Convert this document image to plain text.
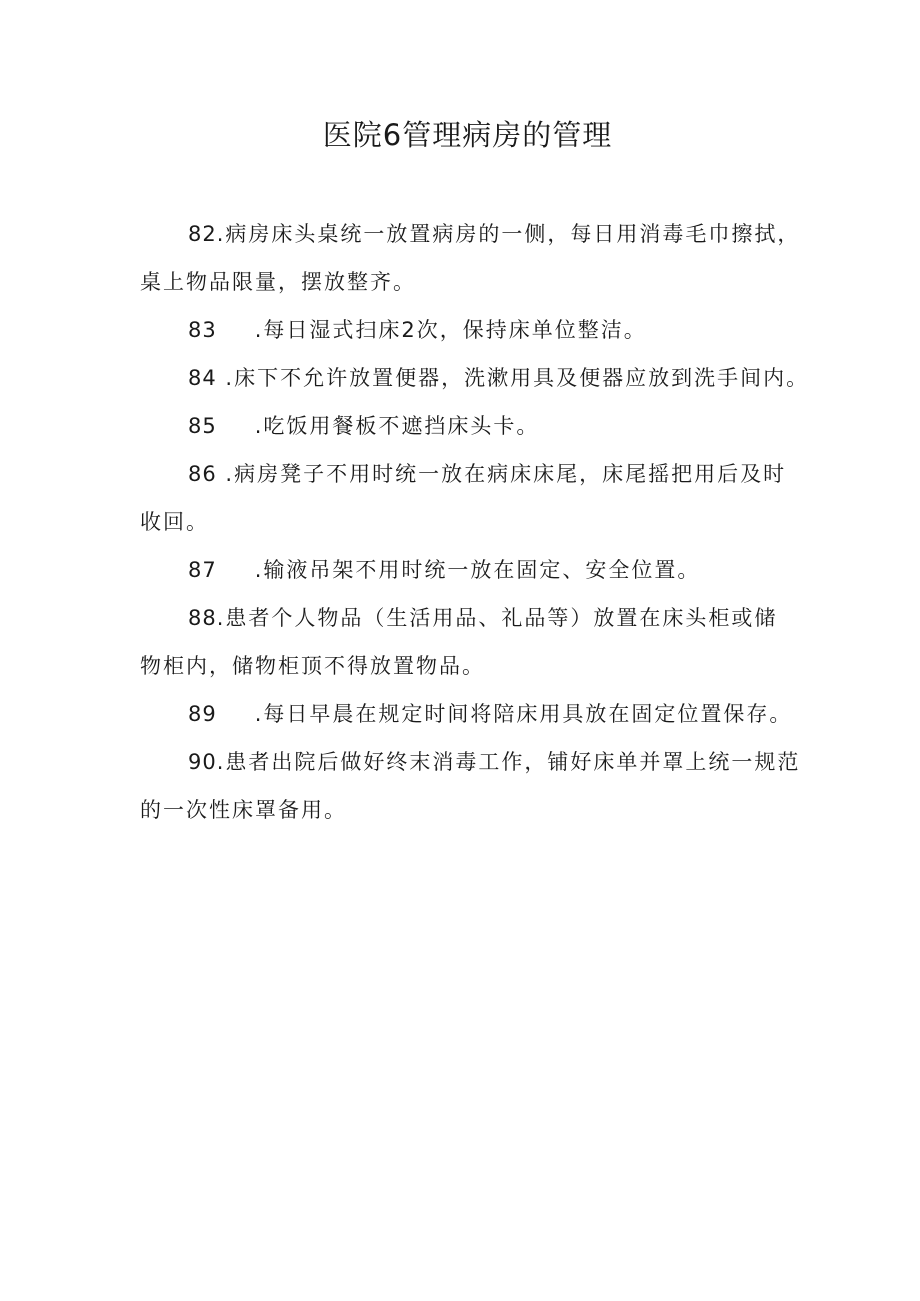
医院6管理病房的管理

82.病房床头桌统一放置病房的一侧，每日用消毒毛巾擦拭，
桌上物品限量，摆放整齐。

83 .每日湿式扫床2次，保持床单位整洁。

84 .床下不允许放置便器，洗漱用具及便器应放到洗手间内。

85 .吃饭用餐板不遮挡床头卡。

86 .病房凳子不用时统一放在病床床尾，床尾摇把用后及时
收回。

87 .输液吊架不用时统一放在固定、安全位置。

88.患者个人物品（生活用品、礼品等）放置在床头柜或储
物柜内，储物柜顶不得放置物品。

89 .每日早晨在规定时间将陪床用具放在固定位置保存。

90.患者出院后做好终末消毒工作，铺好床单并罩上统一规范
的一次性床罩备用。
